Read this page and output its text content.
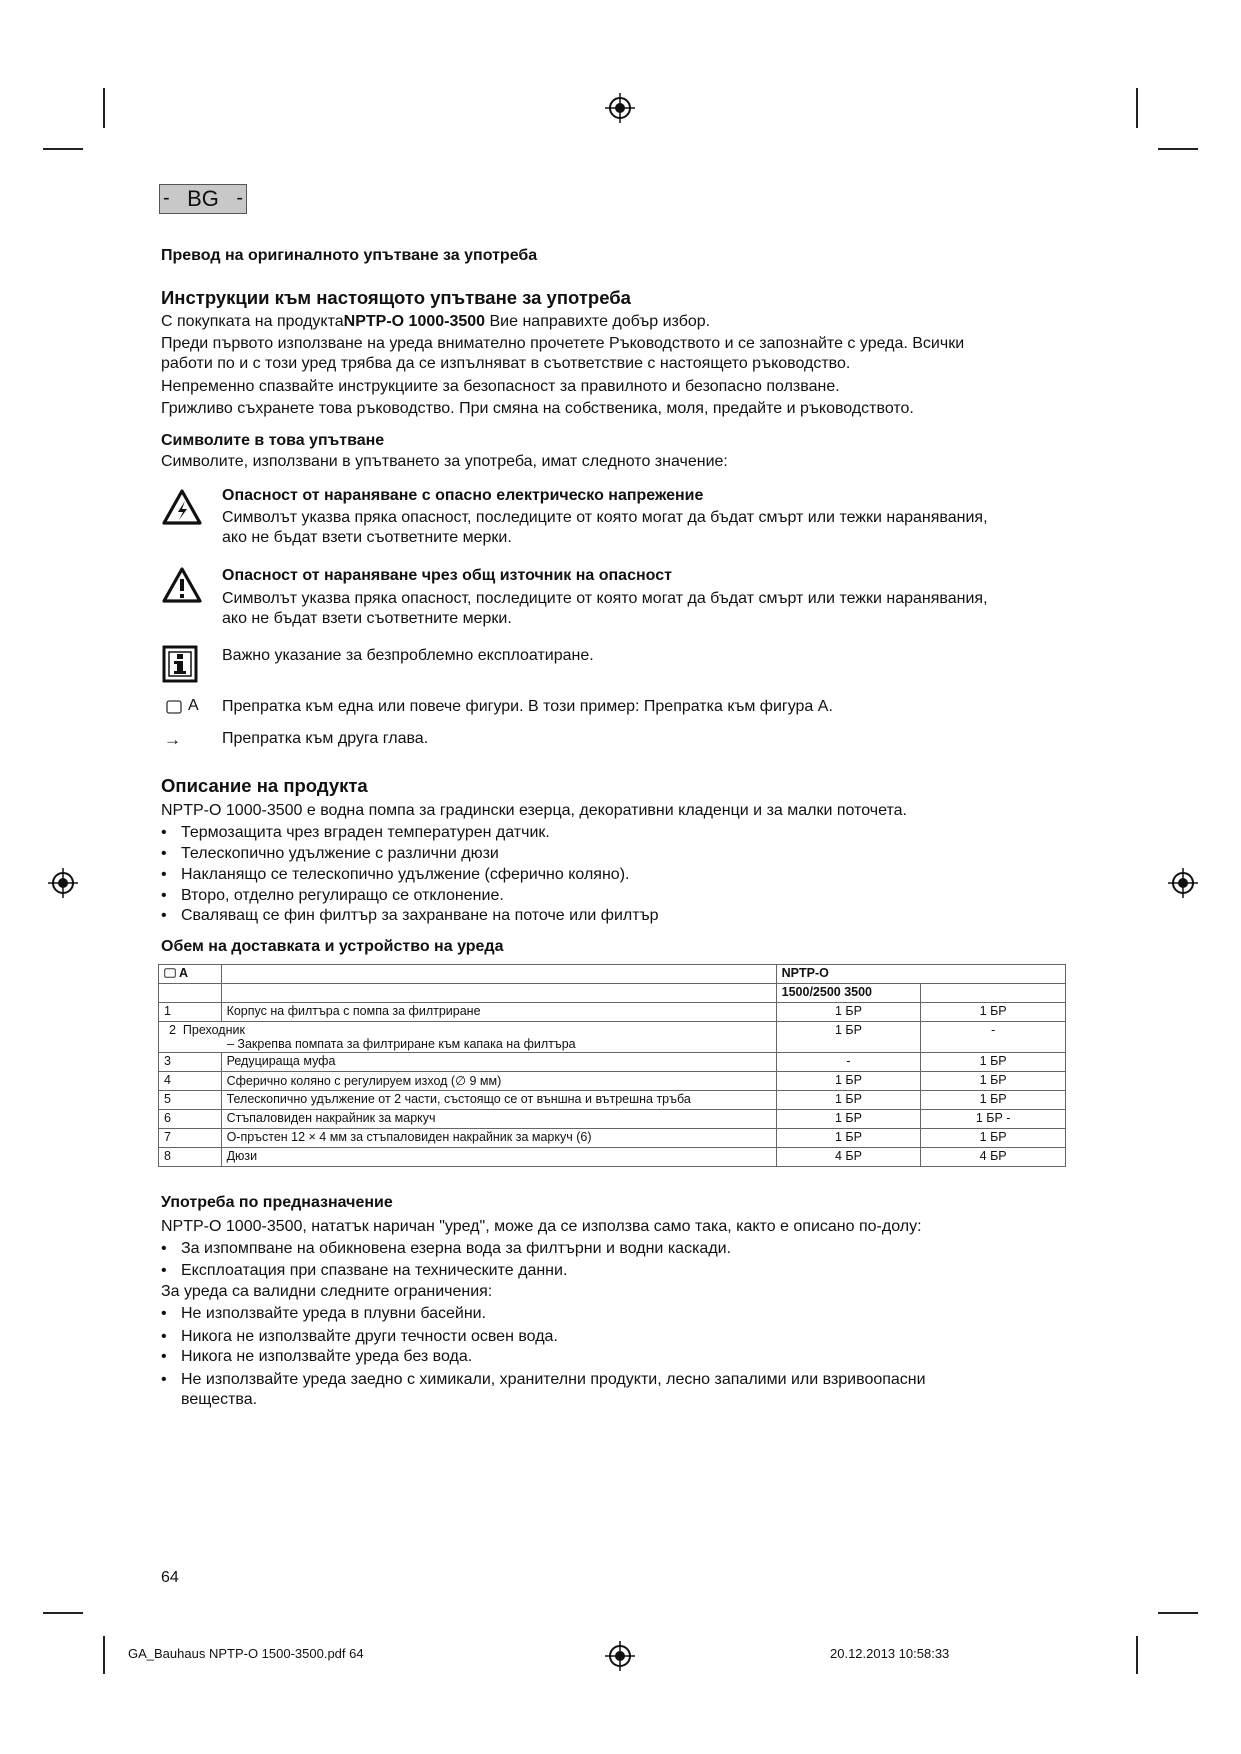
- BG -
Превод на оригиналното упътване за употреба
Инструкции към настоящото упътване за употреба
С покупката на продуктаNPTP-O 1000-3500 Вие направихте добър избор.
Преди първото използване на уреда внимателно прочетете Ръководството и се запознайте с уреда. Всички
работи по и с този уред трябва да се изпълняват в съответствие с настоящето ръководство.
Непременно спазвайте инструкциите за безопасност за правилното и безопасно ползване.
Грижливо съхранете това ръководство. При смяна на собственика, моля, предайте и ръководството.
Символите в това упътване
Символите, използвани в упътването за употреба, имат следното значение:
Опасност от нараняване с опасно електрическо напрежение
Символът указва пряка опасност, последиците от която могат да бъдат смърт или тежки наранявания,
ако не бъдат взети съответните мерки.
Опасност от нараняване чрез общ източник на опасност
Символът указва пряка опасност, последиците от която могат да бъдат смърт или тежки наранявания,
ако не бъдат взети съответните мерки.
Важно указание за безпроблемно експлоатиране.
A Препратка към една или повече фигури. В този пример: Препратка към фигура А.
→	Препратка към друга глава.
Описание на продукта
NPTP-O 1000-3500 е водна помпа за градински езерца, декоративни кладенци и за малки поточета.
• Термозащита чрез вграден температурен датчик.
• Телескопично удължение с различни дюзи
• Накланящо се телескопично удължение (сферично коляно).
• Второ, отделно регулиращо се отклонение.
• Сваляващ се фин филтър за захранване на поточе или филтър
Обем на доставката и устройство на уреда
A		NPTP-O	
		1500/2500 3500	
1	Корпус на филтъра с помпа за филтриране	1 БР	1 БР
2 Преходник
– Закрепва помпата за филтриране към капака на филтъра		1 БР	-
3	Редуцираща муфа	-	1 БР
4	Сферично коляно с регулируем изход (∅ 9 мм)	1 БР	1 БР
5	Телескопично удължение от 2 части, състоящо се от външна и вътрешна тръба	1 БР	1 БР
6	Стъпаловиден накрайник за маркуч	1 БР	1 БР -
7	О-пръстен 12 × 4 мм за стъпаловиден накрайник за маркуч (6)	1 БР	1 БР
8	Дюзи	4 БР	4 БР
Употреба по предназначение
NPTP-O 1000-3500, нататък наричан "уред", може да се използва само така, както е описано по-долу:
• За изпомпване на обикновена езерна вода за филтърни и водни каскади.
• Експлоатация при спазване на техническите данни.
За уреда са валидни следните ограничения:
• Не използвайте уреда в плувни басейни.
• Никога не използвайте други течности освен вода.
• Никога не използвайте уреда без вода.
• Не използвайте уреда заедно с химикали, хранителни продукти, лесно запалими или взривоопасни
вещества.
64
GA_Bauhaus NPTP-O 1500-3500.pdf 64	20.12.2013 10:58:33
